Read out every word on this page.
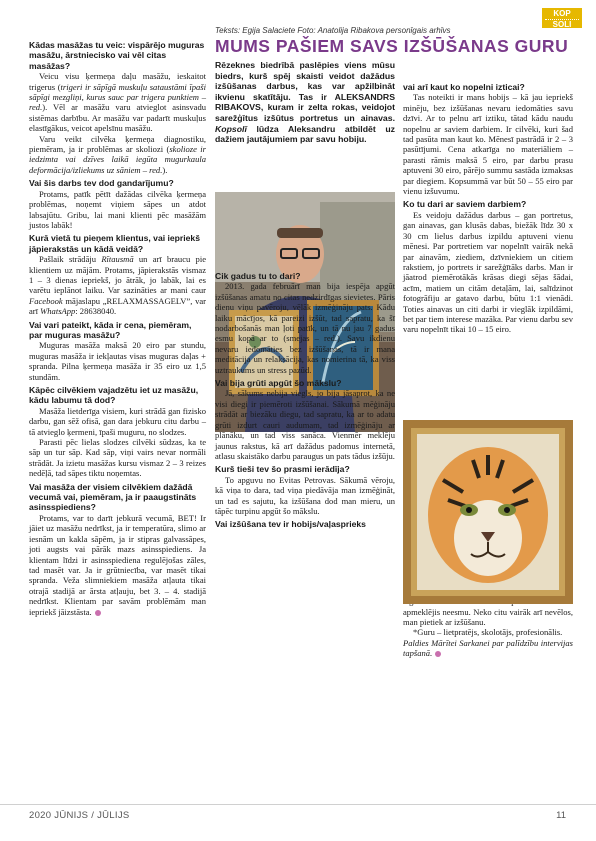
KOP
SOLI
Teksts: Egija Salaciete Foto: Anatolija Ribakova personīgais arhīvs
MUMS PAŠIEM SAVS IZŠŪŠANAS GURU
Rēzeknes biedrībā paslēpies viens mūsu biedrs, kurš spēj skaisti veidot dažādus izšūšanas darbus, kas var apžilbināt ikvienu skatītāju. Tas ir ALEKSANDRS RIBAKOVS, kuram ir zelta rokas, veidojot sarežģītus izšūtus portretus un ainavas. Kopsolī lūdza Aleksandru atbildēt uz dažiem jautājumiem par savu hobiju.

Kādas masāžas tu veic: vispārējo muguras masāžu, ārstniecisko vai vēl citas masāžas?

Veicu visu ķermeņa daļu masāžu, ieskaitot trigerus (trigeri ir sāpīgā muskuļu sataustāmi īpaši sāpīgi mezgliņi, kurus sauc par trigera punktiem – red.). Vēl ar masāžu varu atvieglot asinsvadu sistēmas darbību. Ar masāžu var padarīt muskuļus elastīgākus, veicot apelsīnu masāžu.

Varu veikt cilvēka ķermeņa diagnostiku, piemēram, ja ir problēmas ar skoliozi (skolioze ir iedzimta vai dzīves laikā iegūta mugurkaula deformācija/izliekums uz sāniem – red.).

Vai šis darbs tev dod gandarījumu?

Protams, patīk pētīt dažādas cilvēka ķermeņa problēmas, noņemt viņiem sāpes un atdot labsajūtu. Gribu, lai mani klienti pēc masāžām justos labāk!

Kurā vietā tu pieņem klientus, vai iepriekš jāpierakstās un kādā veidā?

Pašlaik strādāju Rītausmā un arī braucu pie klientiem uz mājām. Protams, jāpierakstās vismaz 1 – 3 dienas iepriekš, jo ātrāk, jo labāk, lai es varētu ieplānot laiku. Var sazināties ar mani caur Facebook mājaslapu „RELAXMASSAGELV”, var arī WhatsApp: 28638040.

Vai vari pateikt, kāda ir cena, piemēram, par muguras masāžu?

Muguras masāža maksā 20 eiro par stundu, muguras masāža ir iekļautas visas muguras daļas + spranda. Pilna ķermeņa masāža ir 35 eiro uz 1,5 stundām.

Kāpēc cilvēkiem vajadzētu iet uz masāžu, kādu labumu tā dod?

Masāža lietderīga visiem, kuri strādā gan fizisko darbu, gan sēž ofisā, gan dara jebkuru citu darbu – tā atvieglo ķermeni, īpaši muguru, no slodzes.

Parasti pēc lielas slodzes cilvēki sūdzas, ka te sāp un tur sāp. Kad sāp, viņi vairs nevar normāli strādāt. Ja izietu masāžas kursu vismaz 2 – 3 reizes nedēļā, tad sāpes tiktu noņemtas.

Vai masāža der visiem cilvēkiem dažādā vecumā vai, piemēram, ja ir paaugstināts asinsspiediens?

Protams, var to darīt jebkurā vecumā, BET! Ir jāiet uz masāžu nedrīkst, ja ir temperatūra, slimo ar iesnām un kakla sāpēm, ja ir stipras galvassāpes, joti augsts vai pārāk mazs asinsspiediens. Ja klientam līdzi ir asinsspiediena regulējošas zāles, tad masēt var. Ja ir grūtniecība, var masēt tikai spranda. Veža slimniekiem masāža atļauta tikai otrajā stadijā ar ārsta atļauju, bet 3. – 4. stadijā nedrīkst. Klientam par savām problēmām man iepriekš jāizstāsta.

Cik gadus tu to dari?

2013. gada februārī man bija iespēja apgūt izšūšanas amatu no citas nedzirdīgas sievietes. Pāris dienu viņu pavēroju, vēlāk izmēģināju pats. Kādu laiku mācījos, kā pareizi izšūt, tad sapratu, ka šī nodarbošanās man ļoti patīk, un tā nu jau 7 gadus esmu kopā ar to (smejas – red.). Savu ikdienu nevaru iedomāties bez izšūšanas, tā ir mana meditācija un relaksācija, kas nomierina tā, ka viss uztraukums un stress pazūd.

Vai bija grūti apgūt šo mākslu?

Jā, sākums nebija viegls, jo bija jāsaprot, ka ne visi diegi ir piemēroti izšūšanai. Sākumā mēģināju strādāt ar biezāku diegu, tad sapratu, ka ar to adatu grūti izdurt cauri audumam, tad izmēģināju ar plānāku, un tad viss sanāca. Vienmēr meklēju jaunus rakstus, kā arī dažādus padomus internetā, atlasu skaistāko darbu paraugus un pats tādus izšūju.

Kurš tieši tev šo prasmi ierādīja?

To apguvu no Evitas Petrovas. Sākumā vēroju, kā viņa to dara, tad viņa piedāvāja man izmēģināt, un tad es sajutu, ka izšūšana dod man mieru, un tāpēc turpinu apgūt šo mākslu.

Vai izšūšana tev ir hobijs/vaļasprieks

vai arī kaut ko nopelni izticai?

Tas noteikti ir mans hobijs – kā jau iepriekš minēju, bez izšūšanas nevaru iedomāties savu dzīvi. Ar to pelnu arī iztiku, tātad kādu naudu nopelnu ar saviem darbiem. Ir cilvēki, kuri šad tad pasūta man kaut ko. Mēnesī pastrādā ir 2 – 3 pasūtījumi. Cena atkarīga no materiāliem – parasti rāmis maksā 5 eiro, par darbu prasu aptuveni 30 eiro, pārējo summu sastāda izmaksas par diegiem. Kopsummā var būt 50 – 55 eiro par vienu izšuvumu.

Ko tu dari ar saviem darbiem?

Es veidoju dažādus darbus – gan portretus, gan ainavas, gan klusās dabas, biežāk līdz 30 x 30 cm lielus darbus izpildu aptuveni vienu mēnesi. Par portretiem var nopelnīt vairāk nekā par ainavām, ziediem, dzīvniekiem un citiem rakstiem, jo portrets ir sarežģītāks darbs. Man ir jāatrod piemērotākās krāsas diegi sējas šādai, acīm, matiem un citām detaļām, lai, salīdzinot fotogrāfiju ar gatavo darbu, būtu 1:1 vienādi. Toties ainavas un citi darbi ir vieglāk izpildāmi, bet par tiem interese mazāka. Par vienu darbu sev varu nopelnīt tikai 10 – 15 eiro.

apmeklējis neesmu. Neko citu vairāk arī nevēlos, man pietiek ar izšūšanu.

*Guru – lietpratējs, skolotājs, profesionālis.

Paldies Mārītei Sarkanei par palīdzību intervijas tapšanā.

2020 JŪNIJS / JŪLIJS	11
